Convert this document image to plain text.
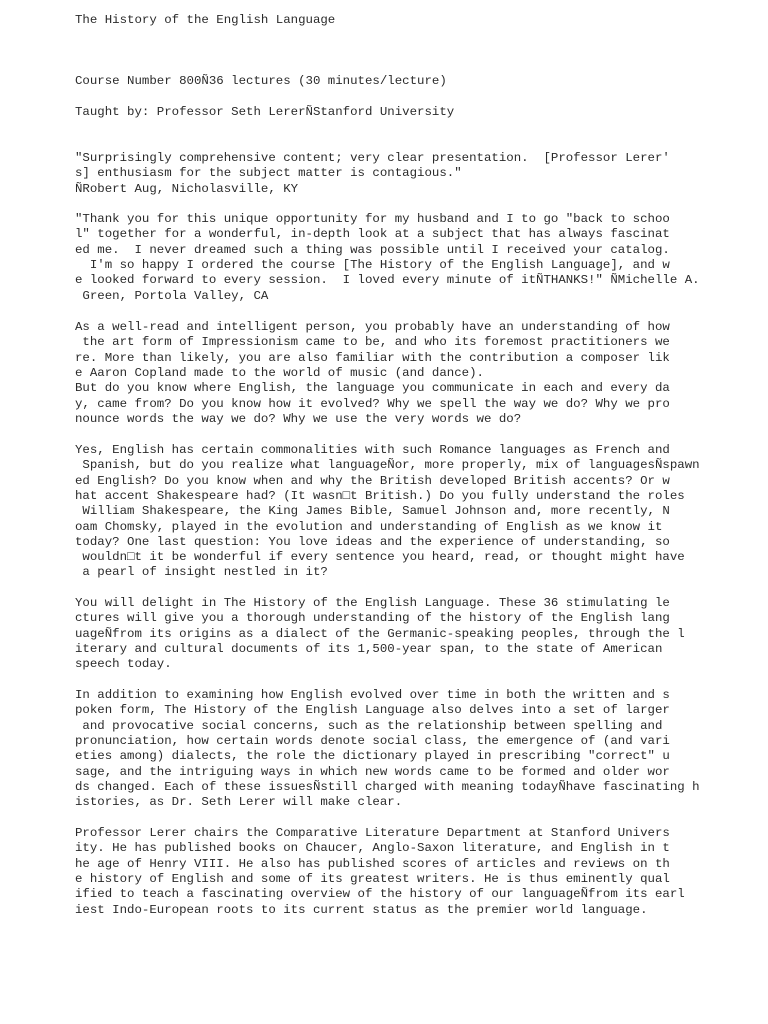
The History of the English Language

Course Number 800Ñ36 lectures (30 minutes/lecture)

Taught by: Professor Seth LererÑStanford University

"Surprisingly comprehensive content; very clear presentation.  [Professor Lerer'

s] enthusiasm for the subject matter is contagious."

ÑRobert Aug, Nicholasville, KY

"Thank you for this unique opportunity for my husband and I to go "back to schoo

l" together for a wonderful, in-depth look at a subject that has always fascinat

ed me.  I never dreamed such a thing was possible until I received your catalog.

I'm so happy I ordered the course [The History of the English Language], and w

e looked forward to every session.  I loved every minute of itÑTHANKS!" ÑMichelle A.

Green, Portola Valley, CA

As a well-read and intelligent person, you probably have an understanding of how

the art form of Impressionism came to be, and who its foremost practitioners we

re. More than likely, you are also familiar with the contribution a composer lik

e Aaron Copland made to the world of music (and dance).

But do you know where English, the language you communicate in each and every da

y, came from? Do you know how it evolved? Why we spell the way we do? Why we pro

nounce words the way we do? Why we use the very words we do?

Yes, English has certain commonalities with such Romance languages as French and

Spanish, but do you realize what languageÑor, more properly, mix of languagesÑspawn

ed English? Do you know when and why the British developed British accents? Or w

hat accent Shakespeare had? (It wasn□t British.) Do you fully understand the roles

William Shakespeare, the King James Bible, Samuel Johnson and, more recently, N

oam Chomsky, played in the evolution and understanding of English as we know it

today? One last question: You love ideas and the experience of understanding, so

wouldn□t it be wonderful if every sentence you heard, read, or thought might have

a pearl of insight nestled in it?

You will delight in The History of the English Language. These 36 stimulating le

ctures will give you a thorough understanding of the history of the English lang

uageÑfrom its origins as a dialect of the Germanic-speaking peoples, through the l

iterary and cultural documents of its 1,500-year span, to the state of American

speech today.

In addition to examining how English evolved over time in both the written and s

poken form, The History of the English Language also delves into a set of larger

and provocative social concerns, such as the relationship between spelling and

pronunciation, how certain words denote social class, the emergence of (and vari

eties among) dialects, the role the dictionary played in prescribing "correct" u

sage, and the intriguing ways in which new words came to be formed and older wor

ds changed. Each of these issuesÑstill charged with meaning todayÑhave fascinating h

istories, as Dr. Seth Lerer will make clear.

Professor Lerer chairs the Comparative Literature Department at Stanford Univers

ity. He has published books on Chaucer, Anglo-Saxon literature, and English in t

he age of Henry VIII. He also has published scores of articles and reviews on th

e history of English and some of its greatest writers. He is thus eminently qual

ified to teach a fascinating overview of the history of our languageÑfrom its earl

iest Indo-European roots to its current status as the premier world language.
